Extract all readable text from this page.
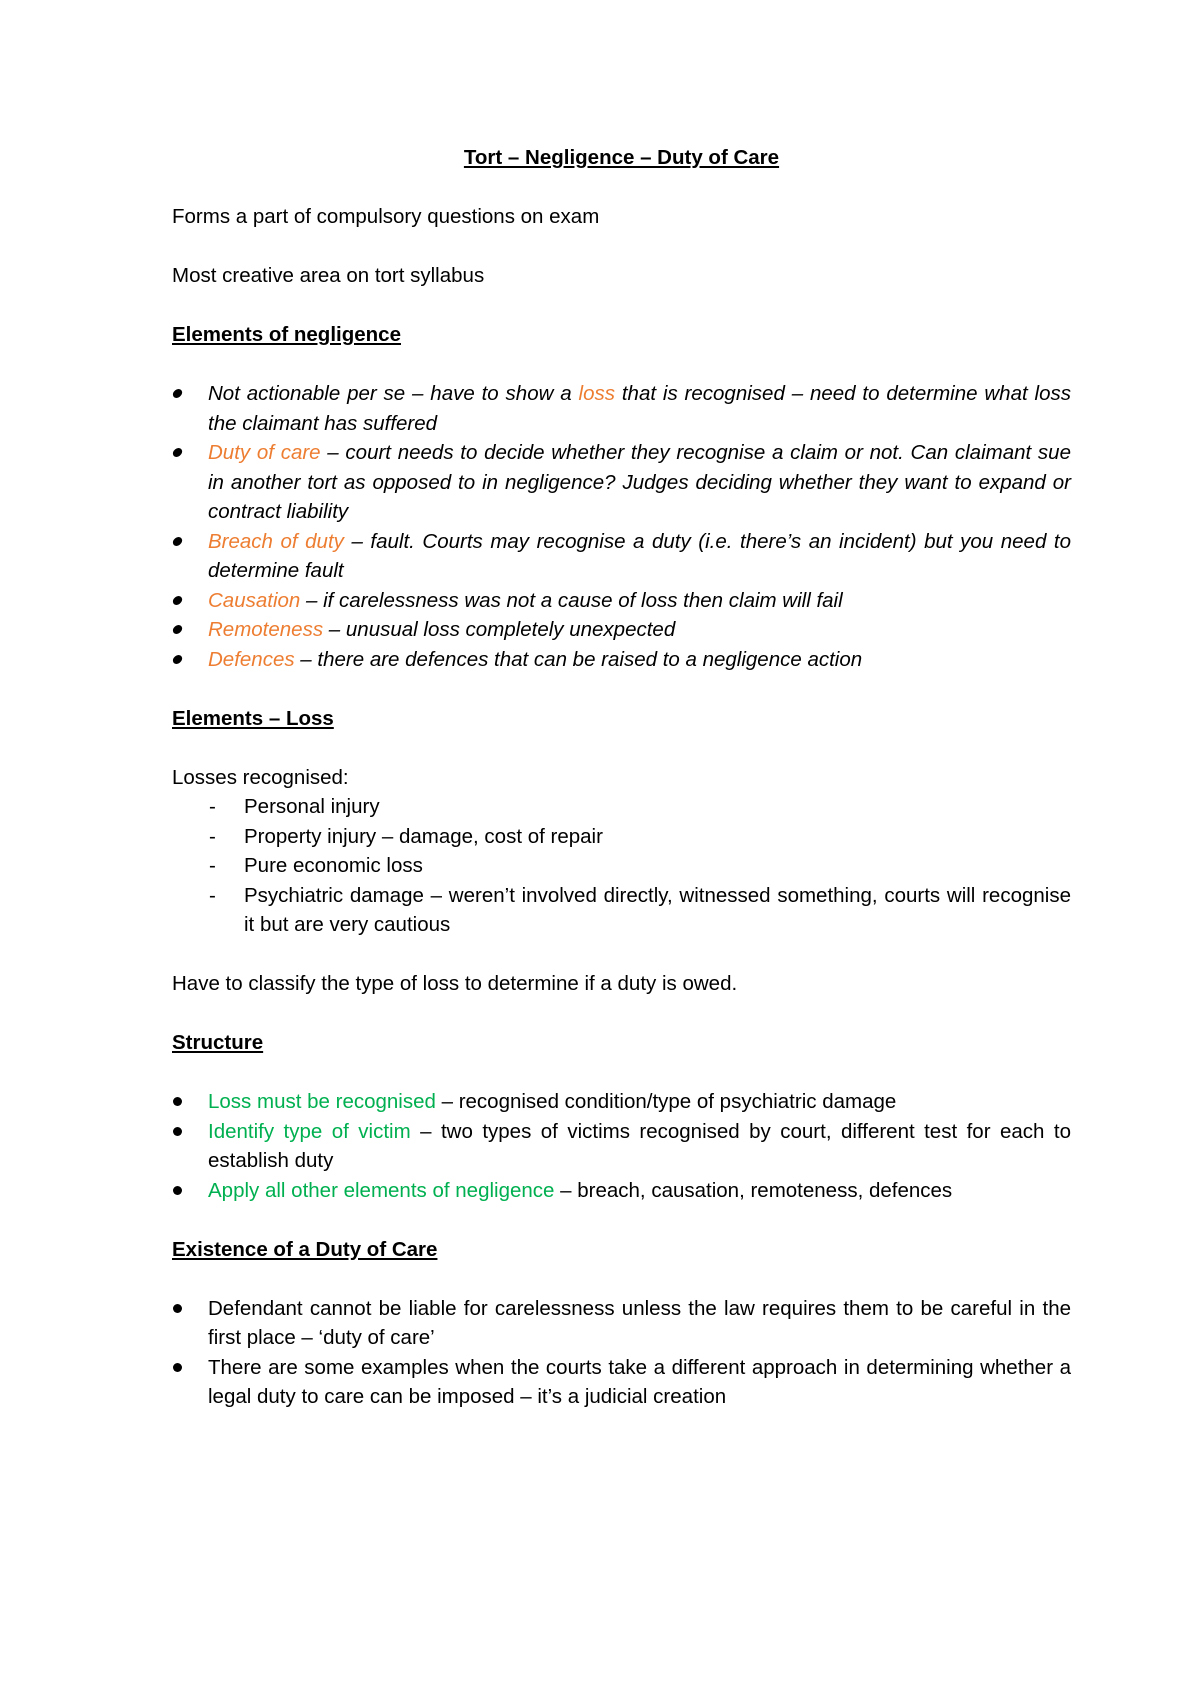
Tort – Negligence – Duty of Care

Forms a part of compulsory questions on exam

Most creative area on tort syllabus

Elements of negligence

Not actionable per se – have to show a loss that is recognised – need to determine what loss the claimant has suffered
Duty of care – court needs to decide whether they recognise a claim or not. Can claimant sue in another tort as opposed to in negligence? Judges deciding whether they want to expand or contract liability
Breach of duty – fault. Courts may recognise a duty (i.e. there’s an incident) but you need to determine fault
Causation – if carelessness was not a cause of loss then claim will fail
Remoteness – unusual loss completely unexpected
Defences – there are defences that can be raised to a negligence action

Elements – Loss

Losses recognised:

- Personal injury
- Property injury – damage, cost of repair
- Pure economic loss
- Psychiatric damage – weren’t involved directly, witnessed something, courts will recognise it but are very cautious

Have to classify the type of loss to determine if a duty is owed.

Structure

Loss must be recognised – recognised condition/type of psychiatric damage
Identify type of victim – two types of victims recognised by court, different test for each to establish duty
Apply all other elements of negligence – breach, causation, remoteness, defences

Existence of a Duty of Care

Defendant cannot be liable for carelessness unless the law requires them to be careful in the first place – ‘duty of care’
There are some examples when the courts take a different approach in determining whether a legal duty to care can be imposed – it’s a judicial creation
